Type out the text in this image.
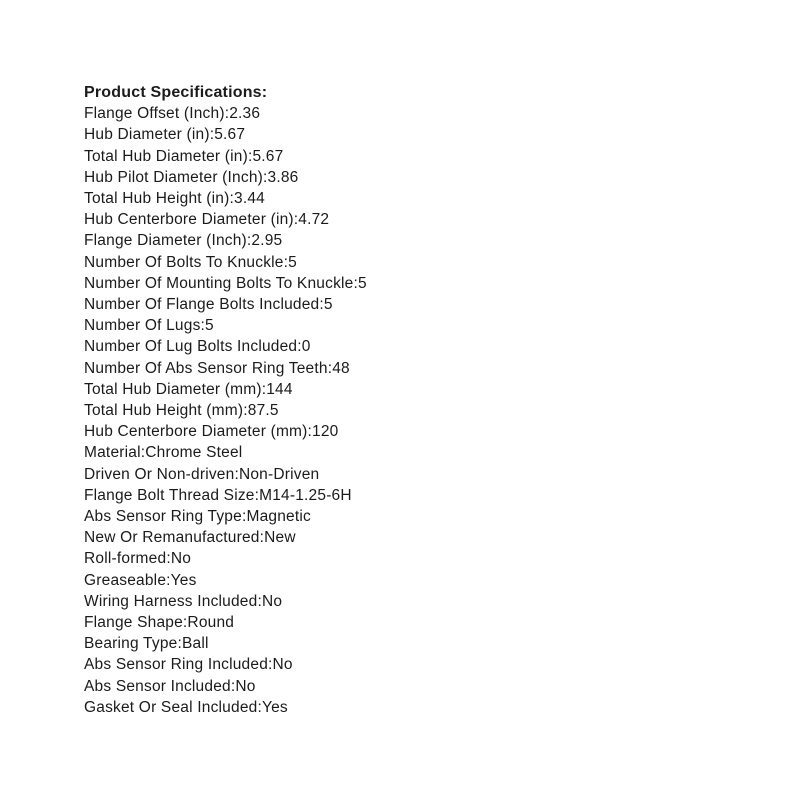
Product Specifications:
Flange Offset (Inch):2.36
Hub Diameter (in):5.67
Total Hub Diameter (in):5.67
Hub Pilot Diameter (Inch):3.86
Total Hub Height (in):3.44
Hub Centerbore Diameter (in):4.72
Flange Diameter (Inch):2.95
Number Of Bolts To Knuckle:5
Number Of Mounting Bolts To Knuckle:5
Number Of Flange Bolts Included:5
Number Of Lugs:5
Number Of Lug Bolts Included:0
Number Of Abs Sensor Ring Teeth:48
Total Hub Diameter (mm):144
Total Hub Height (mm):87.5
Hub Centerbore Diameter (mm):120
Material:Chrome Steel
Driven Or Non-driven:Non-Driven
Flange Bolt Thread Size:M14-1.25-6H
Abs Sensor Ring Type:Magnetic
New Or Remanufactured:New
Roll-formed:No
Greaseable:Yes
Wiring Harness Included:No
Flange Shape:Round
Bearing Type:Ball
Abs Sensor Ring Included:No
Abs Sensor Included:No
Gasket Or Seal Included:Yes
